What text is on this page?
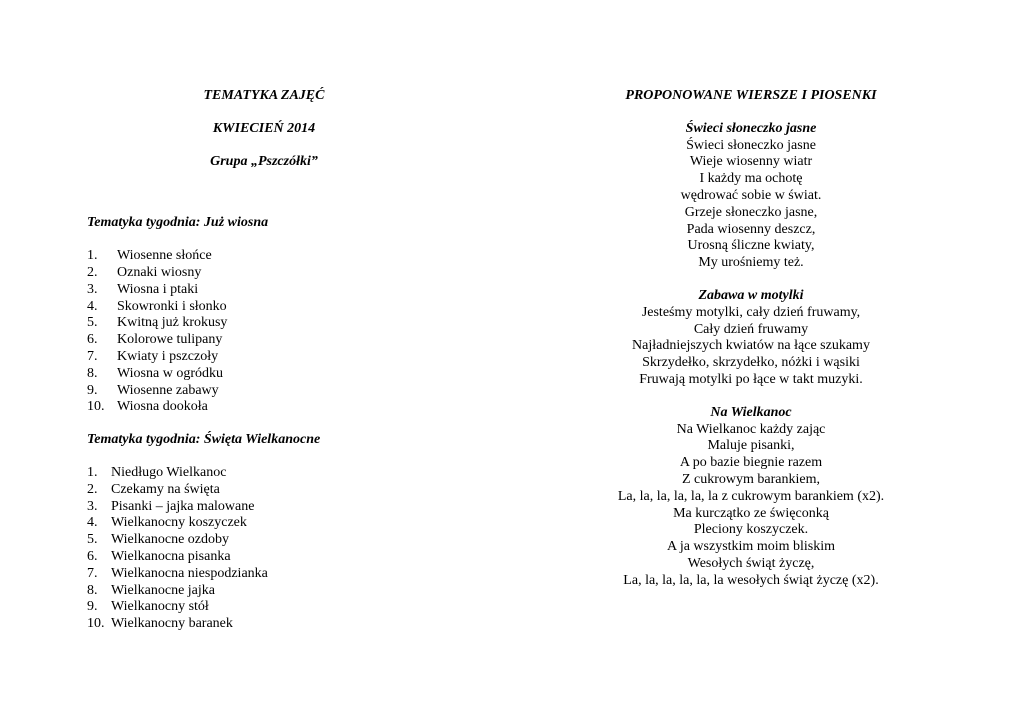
TEMATYKA ZAJĘĆ
KWIECIEŃ 2014
Grupa „Pszczółki”
Tematyka tygodnia: Już wiosna
1.	Wiosenne słońce
2.	Oznaki wiosny
3.	Wiosna i ptaki
4.	Skowronki i słonko
5.	Kwitną już krokusy
6.	Kolorowe tulipany
7.	Kwiaty i pszczoły
8.	Wiosna w ogródku
9.	Wiosenne zabawy
10. Wiosna dookoła
Tematyka tygodnia: Święta Wielkanocne
1. Niedługo Wielkanoc
2. Czekamy na święta
3. Pisanki – jajka malowane
4. Wielkanocny koszyczek
5. Wielkanocne ozdoby
6. Wielkanocna pisanka
7. Wielkanocna niespodzianka
8. Wielkanocne jajka
9. Wielkanocny stół
10. Wielkanocny baranek
PROPONOWANE WIERSZE I PIOSENKI
Świeci słoneczko jasne
Świeci słoneczko jasne
Wieje wiosenny wiatr
I każdy ma ochotę
wędrować sobie w świat.
Grzeje słoneczko jasne,
Pada wiosenny deszcz,
Urosną śliczne kwiaty,
My urośniemy też.
Zabawa w motylki
Jesteśmy motylki, cały dzień fruwamy,
Cały dzień fruwamy
Najładniejszych kwiatów na łące szukamy
Skrzydełko, skrzydełko, nóżki i wąsiki
Fruwają motylki po łące w takt muzyki.
Na Wielkanoc
Na Wielkanoc każdy zając
Maluje pisanki,
A po bazie biegnie razem
Z cukrowym barankiem,
La, la, la, la, la, la z cukrowym barankiem (x2).
Ma kurczątko ze święconką
Pleciony koszyczek.
A ja wszystkim moim bliskim
Wesołych świąt życzę,
La, la, la, la, la, la wesołych świąt życzę (x2).
